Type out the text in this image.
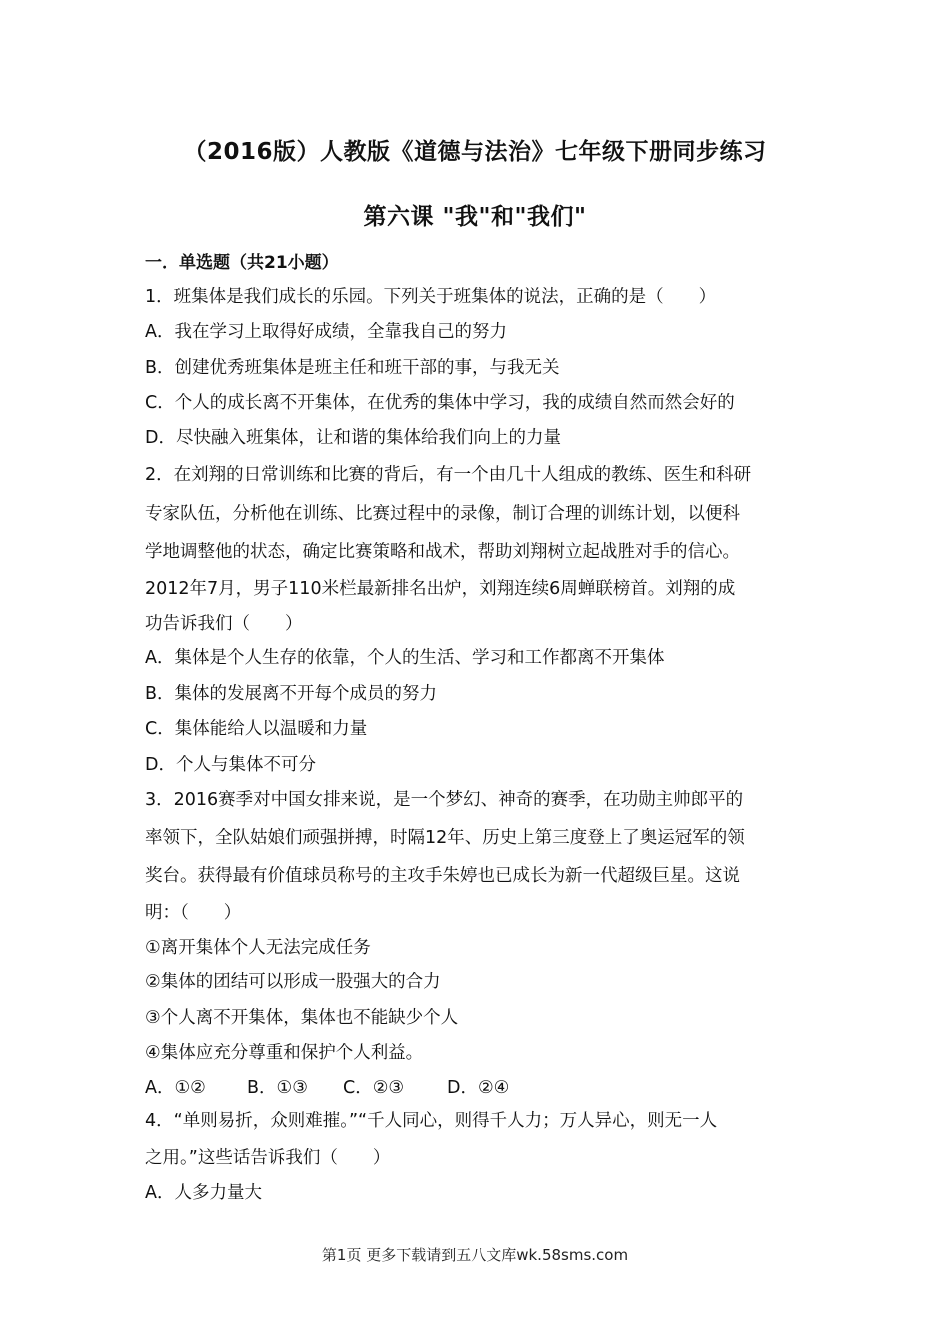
（2016版）人教版《道德与法治》七年级下册同步练习
第六课 "我"和"我们"
一．单选题（共21小题）
1．班集体是我们成长的乐园。下列关于班集体的说法，正确的是（　　）
A．我在学习上取得好成绩，全靠我自己的努力
B．创建优秀班集体是班主任和班干部的事，与我无关
C．个人的成长离不开集体，在优秀的集体中学习，我的成绩自然而然会好的
D．尽快融入班集体，让和谐的集体给我们向上的力量
2．在刘翔的日常训练和比赛的背后，有一个由几十人组成的教练、医生和科研
专家队伍，分析他在训练、比赛过程中的录像，制订合理的训练计划，以便科
学地调整他的状态，确定比赛策略和战术，帮助刘翔树立起战胜对手的信心。
2012年7月，男子110米栏最新排名出炉，刘翔连续6周蝉联榜首。刘翔的成
功告诉我们（　　）
A．集体是个人生存的依靠，个人的生活、学习和工作都离不开集体
B．集体的发展离不开每个成员的努力
C．集体能给人以温暖和力量
D．个人与集体不可分
3．2016赛季对中国女排来说，是一个梦幻、神奇的赛季，在功勋主帅郎平的
率领下，全队姑娘们顽强拼搏，时隔12年、历史上第三度登上了奥运冠军的领
奖台。获得最有价值球员称号的主攻手朱婷也已成长为新一代超级巨星。这说
明：（　　）
①离开集体个人无法完成任务
②集体的团结可以形成一股强大的合力
③个人离不开集体，集体也不能缺少个人
④集体应充分尊重和保护个人利益。
A．①② B．①③ C．②③ D．②④
4．“单则易折，众则难摧。”“千人同心，则得千人力；万人异心，则无一人
之用。”这些话告诉我们（　　）
A．人多力量大
第1页 更多下载请到五八文库wk.58sms.com
